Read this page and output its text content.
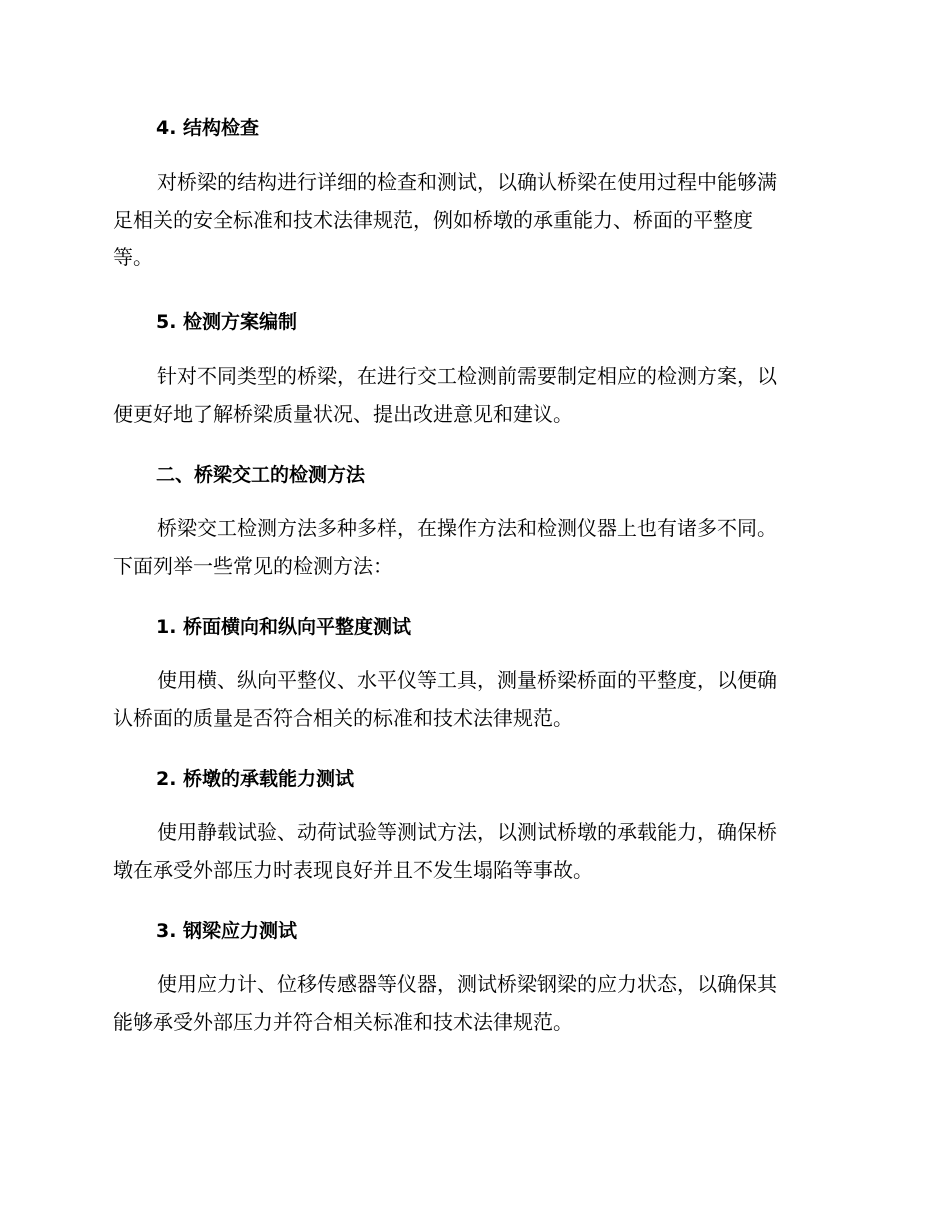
4. 结构检查
对桥梁的结构进行详细的检查和测试，以确认桥梁在使用过程中能够满
足相关的安全标准和技术法律规范，例如桥墩的承重能力、桥面的平整度
等。
5. 检测方案编制
针对不同类型的桥梁，在进行交工检测前需要制定相应的检测方案，以
便更好地了解桥梁质量状况、提出改进意见和建议。
二、桥梁交工的检测方法
桥梁交工检测方法多种多样，在操作方法和检测仪器上也有诸多不同。
下面列举一些常见的检测方法：
1. 桥面横向和纵向平整度测试
使用横、纵向平整仪、水平仪等工具，测量桥梁桥面的平整度，以便确
认桥面的质量是否符合相关的标准和技术法律规范。
2. 桥墩的承载能力测试
使用静载试验、动荷试验等测试方法，以测试桥墩的承载能力，确保桥
墩在承受外部压力时表现良好并且不发生塌陷等事故。
3. 钢梁应力测试
使用应力计、位移传感器等仪器，测试桥梁钢梁的应力状态，以确保其
能够承受外部压力并符合相关标准和技术法律规范。
